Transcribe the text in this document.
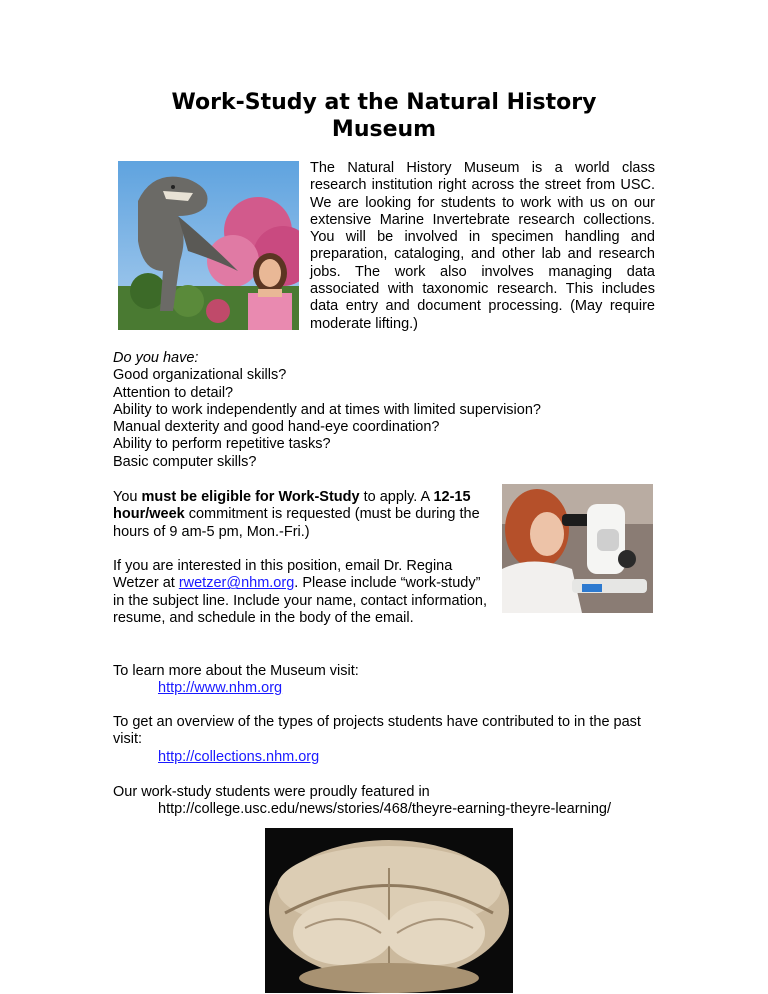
Work-Study at the Natural History Museum
The Natural History Museum is a world class research institution right across the street from USC. We are looking for students to work with us on our extensive Marine Invertebrate research collections. You will be involved in specimen handling and preparation, cataloging, and other lab and research jobs. The work also involves managing data associated with taxonomic research. This includes data entry and document processing. (May require moderate lifting.)
Do you have:
Good organizational skills?
Attention to detail?
Ability to work independently and at times with limited supervision?
Manual dexterity and good hand-eye coordination?
Ability to perform repetitive tasks?
Basic computer skills?
You must be eligible for Work-Study to apply. A 12-15 hour/week commitment is requested (must be during the hours of 9 am-5 pm, Mon.-Fri.)
If you are interested in this position, email Dr. Regina Wetzer at rwetzer@nhm.org. Please include “work-study” in the subject line. Include your name, contact information, resume, and schedule in the body of the email.
To learn more about the Museum visit:
http://www.nhm.org
To get an overview of the types of projects students have contributed to in the past visit:
http://collections.nhm.org
Our work-study students were proudly featured in
http://college.usc.edu/news/stories/468/theyre-earning-theyre-learning/
